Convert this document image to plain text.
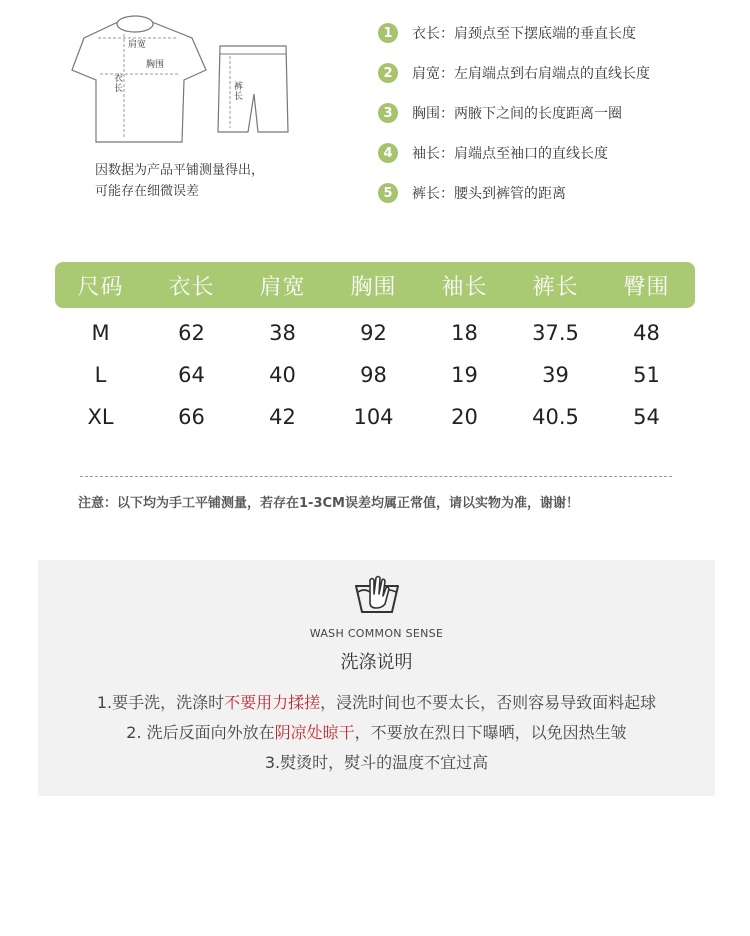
肩宽
胸围
衣长	裤长
因数据为产品平铺测量得出，
可能存在细微误差
1	衣长：肩颈点至下摆底端的垂直长度
2	肩宽：左肩端点到右肩端点的直线长度
3	胸围：两腋下之间的长度距离一圈
4	袖长：肩端点至袖口的直线长度
5	裤长：腰头到裤管的距离
尺码	衣长	肩宽	胸围	袖长	裤长	臀围
M	62	38	92	18	37.5	48
L	64	40	98	19	39	51
XL	66	42	104	20	40.5	54
注意：以下均为手工平铺测量，若存在1-3CM误差均属正常值，请以实物为准，谢谢！
WASH COMMON SENSE
洗涤说明
1.要手洗，洗涤时不要用力揉搓，浸洗时间也不要太长，否则容易导致面料起球
2. 洗后反面向外放在阴凉处晾干，不要放在烈日下曝晒，以免因热生皱
3.熨烫时，熨斗的温度不宜过高
